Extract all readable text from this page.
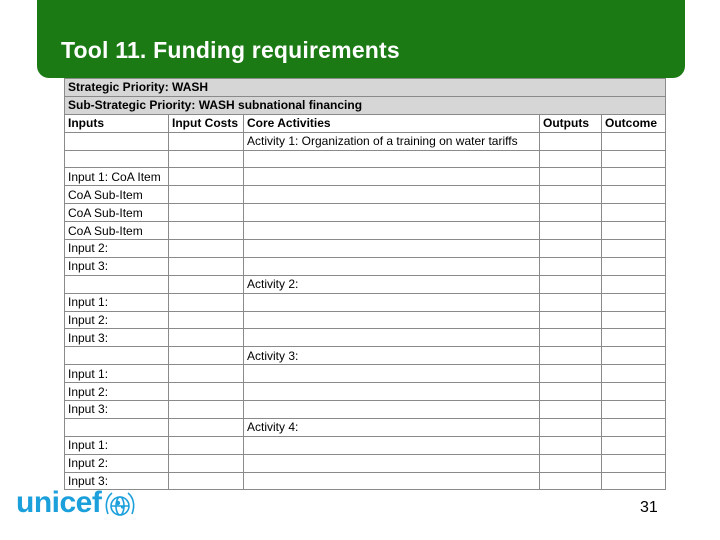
Tool 11. Funding requirements
Strategic Priority: WASH				
Sub-Strategic Priority: WASH subnational financing				
Inputs	Input Costs	Core Activities	Outputs	Outcome
		Activity 1: Organization of a training on water tariffs		

Input 1: CoA Item				
CoA Sub-Item				
CoA Sub-Item				
CoA Sub-Item				
Input 2:				
Input 3:				
		Activity 2:		
Input 1:				
Input 2:				
Input 3:				
		Activity 3:		
Input 1:				
Input 2:				
Input 3:				
		Activity 4:		
Input 1:				
Input 2:				
Input 3:				
unicef	31
